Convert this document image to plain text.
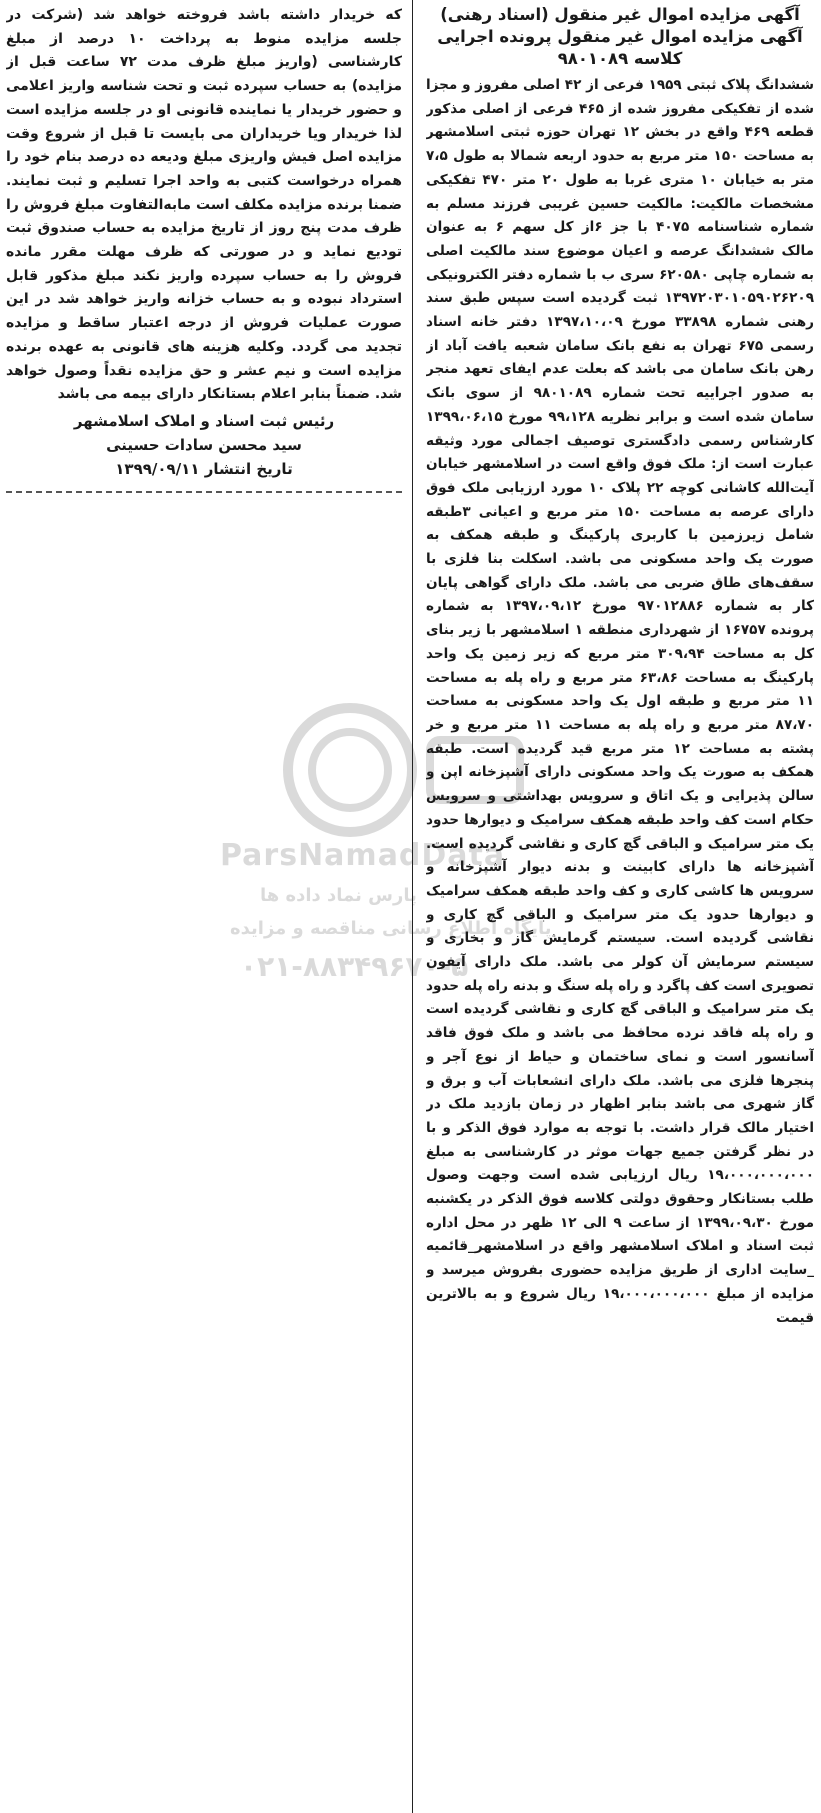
آگهی مزایده اموال غیر منقول (اسناد رهنی)
آگهی مزایده اموال غیر منقول پرونده اجرایی
کلاسه ۹۸۰۱۰۸۹
ششدانگ پلاک ثبتی ۱۹۵۹ فرعی از ۴۲ اصلی مفروز و مجزا شده از تفکیکی مفروز شده از ۴۶۵ فرعی از اصلی مذکور قطعه ۴۶۹ واقع در بخش ۱۲ تهران حوزه ثبتی اسلامشهر به مساحت ۱۵۰ متر مربع به حدود اربعه شمالا به طول ۷،۵ متر به خیابان ۱۰ متری غربا به طول ۲۰ متر ۴۷۰ تفکیکی مشخصات مالکیت: مالکیت حسین غریبی فرزند مسلم به شماره شناسنامه ۴۰۷۵ با جز ۶از کل سهم ۶ به عنوان مالک ششدانگ عرصه و اعیان موضوع سند مالکیت اصلی به شماره چاپی ۶۲۰۵۸۰ سری ب با شماره دفتر الکترونیکی ۱۳۹۷۲۰۳۰۱۰۵۹۰۲۶۲۰۹ ثبت گردیده است سپس طبق سند رهنی شماره ۳۳۸۹۸ مورخ ۱۳۹۷،۱۰،۰۹ دفتر خانه اسناد رسمی ۶۷۵ تهران به نفع بانک سامان شعبه یافت آباد از رهن بانک سامان می باشد که بعلت عدم ایفای تعهد منجر به صدور اجراییه تحت شماره ۹۸۰۱۰۸۹ از سوی بانک سامان شده است و برابر نظریه ۹۹،۱۲۸ مورخ ۱۳۹۹،۰۶،۱۵ کارشناس رسمی دادگستری توصیف اجمالی مورد وثیقه عبارت است از: ملک فوق واقع است در اسلامشهر خیابان آیت‌الله کاشانی کوچه ۲۲ پلاک ۱۰ مورد ارزیابی ملک فوق دارای عرصه به مساحت ۱۵۰ متر مربع و اعیانی ۳طبقه شامل زیرزمین با کاربری پارکینگ و طبقه همکف به صورت یک واحد مسکونی می باشد. اسکلت بنا فلزی با سقف‌های طاق ضربی می باشد. ملک دارای گواهی پایان کار به شماره ۹۷۰۱۲۸۸۶ مورخ ۱۳۹۷،۰۹،۱۲ به شماره پرونده ۱۶۷۵۷ از شهرداری منطقه ۱ اسلامشهر با زیر بنای کل به مساحت ۳۰۹،۹۴ متر مربع که زیر زمین یک واحد پارکینگ به مساحت ۶۳،۸۶ متر مربع و راه پله به مساحت ۱۱ متر مربع و طبقه اول یک واحد مسکونی به مساحت ۸۷،۷۰ متر مربع و راه پله به مساحت ۱۱ متر مربع و خر پشته به مساحت ۱۲ متر مربع قید گردیده است. طبقه همکف به صورت یک واحد مسکونی دارای آشپزخانه اپن و سالن پذیرایی و یک اتاق و سرویس بهداشتی و سرویس حکام است کف واحد طبقه همکف سرامیک و دیوارها حدود یک متر سرامیک و الباقی گچ کاری و نقاشی گردیده است. آشپزخانه ها دارای کابینت و بدنه دیوار آشپزخانه و سرویس ها کاشی کاری و کف واحد طبقه همکف سرامیک و دیوارها حدود یک متر سرامیک و الباقی گچ کاری و نقاشی گردیده است. سیستم گرمایش گاز و بخاری و سیستم سرمایش آن کولر می باشد. ملک دارای آیفون تصویری است کف پاگرد و راه پله سنگ و بدنه راه پله حدود یک متر سرامیک و الباقی گچ کاری و نقاشی گردیده است و راه پله فاقد نرده محافظ می باشد و ملک فوق فاقد آسانسور است و نمای ساختمان و حیاط از نوع آجر و پنجرها فلزی می باشد. ملک دارای انشعابات آب و برق و گاز شهری می باشد بنابر اظهار در زمان بازدید ملک در اختیار مالک قرار داشت. با توجه به موارد فوق الذکر و با در نظر گرفتن جمیع جهات موثر در کارشناسی به مبلغ ۱۹،۰۰۰،۰۰۰،۰۰۰ ریال ارزیابی شده است وجهت وصول طلب بستانکار وحقوق دولتی کلاسه فوق الذکر در یکشنبه مورخ ۱۳۹۹،۰۹،۳۰ از ساعت ۹ الی ۱۲ ظهر در محل اداره ثبت اسناد و املاک اسلامشهر واقع در اسلامشهر_قائمیه _سایت اداری از طریق مزایده حضوری بفروش میرسد و مزایده از مبلغ ۱۹،۰۰۰،۰۰۰،۰۰۰ ریال شروع و به بالاترین قیمت
که خریدار داشته باشد فروخته خواهد شد (شرکت در جلسه مزایده منوط به پرداخت ۱۰ درصد از مبلغ کارشناسی (واریز مبلغ ظرف مدت ۷۲ ساعت قبل از مزایده) به حساب سپرده ثبت و تحت شناسه واریز اعلامی و حضور خریدار یا نماینده قانونی او در جلسه مزایده است لذا خریدار ویا خریداران می بایست تا قبل از شروع وقت مزایده اصل فیش واریزی مبلغ ودیعه ده درصد بنام خود را همراه درخواست کتبی به واحد اجرا تسلیم و ثبت نمایند. ضمنا برنده مزایده مکلف است مابه‌التفاوت مبلغ فروش را ظرف مدت پنج روز از تاریخ مزایده به حساب صندوق ثبت تودیع نماید و در صورتی که ظرف مهلت مقرر مانده فروش را به حساب سپرده واریز نکند مبلغ مذکور قابل استرداد نبوده و به حساب خزانه واریز خواهد شد در این صورت عملیات فروش از درجه اعتبار ساقط و مزایده تجدید می گردد. وکلیه هزینه های قانونی به عهده برنده مزایده است و نیم عشر و حق مزایده نقداً وصول خواهد شد. ضمناً بنابر اعلام بستانکار دارای بیمه می باشد
رئیس ثبت اسناد و املاک اسلامشهر
سید محسن سادات حسینی
تاریخ انتشار ۱۳۹۹/۰۹/۱۱
ParsNamadData
پارس نماد داده ها
پایگاه اطلاع رسانی مناقصه و مزایده
۰۲۱-۸۸۳۴۹۶۷۰-۵
